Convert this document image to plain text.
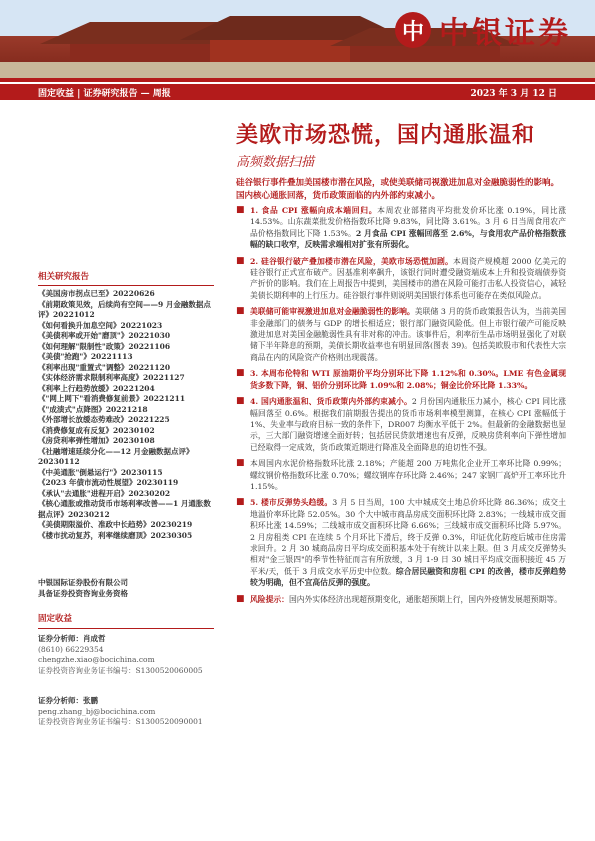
中 中银证券
固定收益 | 证券研究报告 — 周报	2023 年 3 月 12 日
美欧市场恐慌，国内通胀温和
高频数据扫描
硅谷银行事件叠加美国楼市潜在风险，或使美联储司视激进加息对金融脆弱性的影响。国内核心通胀回落，货币政策面临的内外部约束减小。
■ 1. 食品 CPI 涨幅向成本端回归。本周农业部猪肉平均批发价环比涨 0.19%，同比涨 14.53%。山东蔬菜批发价格指数环比降 9.83%，同比降 3.61%。3 月 6 日当周食用农产品价格指数同比下降 1.53%。2 月食品 CPI 涨幅回落至 2.6%，与食用农产品价格指数涨幅的缺口收窄，反映需求端相对扩张有所弱化。
■ 2. 硅谷银行破产叠加楼市潜在风险，美欧市场恐慌加剧。本周资产规模超 2000 亿美元的硅谷银行正式宣布破产。因基准利率飙升，该银行同时遭受融资端成本上升和投资端债券资产折价的影响。我们在上周报告中提到，美国楼市的潜在风险可能打击私人投资信心，减轻美债长期利率的上行压力。硅谷银行事件则说明美国银行体系也可能存在类似风险点。
■ 美联储可能审视激进加息对金融脆弱性的影响。美联储 3 月的货币政策报告认为，当前美国非金融部门的债务与 GDP 的增长相适应；银行部门融资风险低。但上市银行破产可能反映激进加息对美国金融脆弱性具有非对称的冲击。该事件后，利率衍生品市场明显强化了对联储下半年降息的预期，美债长期收益率也有明显回落(图表 39)。包括美欧股市和代表性大宗商品在内的风险资产价格则出现震荡。
■ 3. 本周布伦特和 WTI 原油期价平均分别环比下降 1.12%和 0.30%。LME 有色金属现货多数下降，铜、铝价分别环比降 1.09%和 2.08%；铜金比价环比降 1.33%。
■ 4. 国内通胀温和、货币政策内外部约束减小。2 月份国内通胀压力减小，核心 CPI 同比涨幅回落至 0.6%。根据我们前期报告提出的货币市场利率模型测算，在核心 CPI 涨幅低于 1%、失业率与政府目标一致的条件下，DR007 均衡水平低于 2%。但最新的金融数据也显示，三大部门融资增速全面好转；包括居民贷款增速也有反弹，反映房贷利率向下弹性增加已经取得一定成效，货币政策近期进行降准及全面降息的迫切性不强。
■ 本周国内水泥价格指数环比涨 2.18%；产能超 200 万吨焦化企业开工率环比降 0.99%；螺纹钢价格指数环比涨 0.70%；螺纹钢库存环比降 2.46%；247 家钢厂高炉开工率环比升 1.15%。
■ 5. 楼市反弹势头趋缓。3 月 5 日当周，100 大中城成交土地总价环比降 86.36%；成交土地溢价率环比降 52.05%。30 个大中城市商品房成交面积环比降 2.83%；一线城市成交面积环比涨 14.59%；二线城市成交面积环比降 6.66%；三线城市成交面积环比降 5.97%。2 月房租类 CPI 在连续 5 个月环比下滑后，终于反弹 0.3%，印证优化防疫后城市住房需求回升。2 月 30 城商品房日平均成交面积基本处于有统计以来上限。但 3 月成交反弹势头相对"金三银四"的季节性特征而言有所放缓，3 月 1-9 日 30 城日平均成交面积接近 45 万平米/天，低于 3 月成交水平历史中位数。综合居民融资和房租 CPI 的改善，楼市反弹趋势较为明确，但不宜高估反弹的强度。
■ 风险提示：国内外实体经济出现超预期变化，通胀超预期上行，国内外疫情发展超预期等。
相关研究报告
《美国房市拐点已至》20220626
《前期政策见效，后续尚有空间——9 月金融数据点评》20221012
《如何看换升加息空间》20221023
《美债利率或开始"磨顶"》20221030
《如何理解"限制性"政策》20221106
《美债"抢跑"》20221113
《利率出现"重置式"调整》20221120
《实体经济需求限制利率高度》20221127
《利率上行趋势放缓》20221204
《"网上网下"看消费修复前景》20221211
《"成渍式"点降图》20221218
《外部增长放缓态势难改》20221225
《消费修复成有反复》20230102
《房贷利率弹性增加》20230108
《社融增速延续分化——12 月金融数据点评》20230112
《中美通胀"倒悬运行"》20230115
《2023 年债市流动性展望》20230119
《承认"去通胀"进程开启》20230202
《核心通胀或推动货币市场利率改善——1 月通胀数据点评》20230212
《美债期限溢价、准政中长趋势》20230219
《楼市扰动复苏，利率继续磨顶》20230305
中银国际证券股份有限公司
具备证券投资咨询业务资格
固定收益
证券分析师：肖成哲
(8610) 66229354
chengzhe.xiao@bocichina.com
证券投资咨询业务证书编号：S1300520060005
证券分析师：张鹏
peng.zhang_bj@bocichina.com
证券投资咨询业务证书编号：S1300520090001
